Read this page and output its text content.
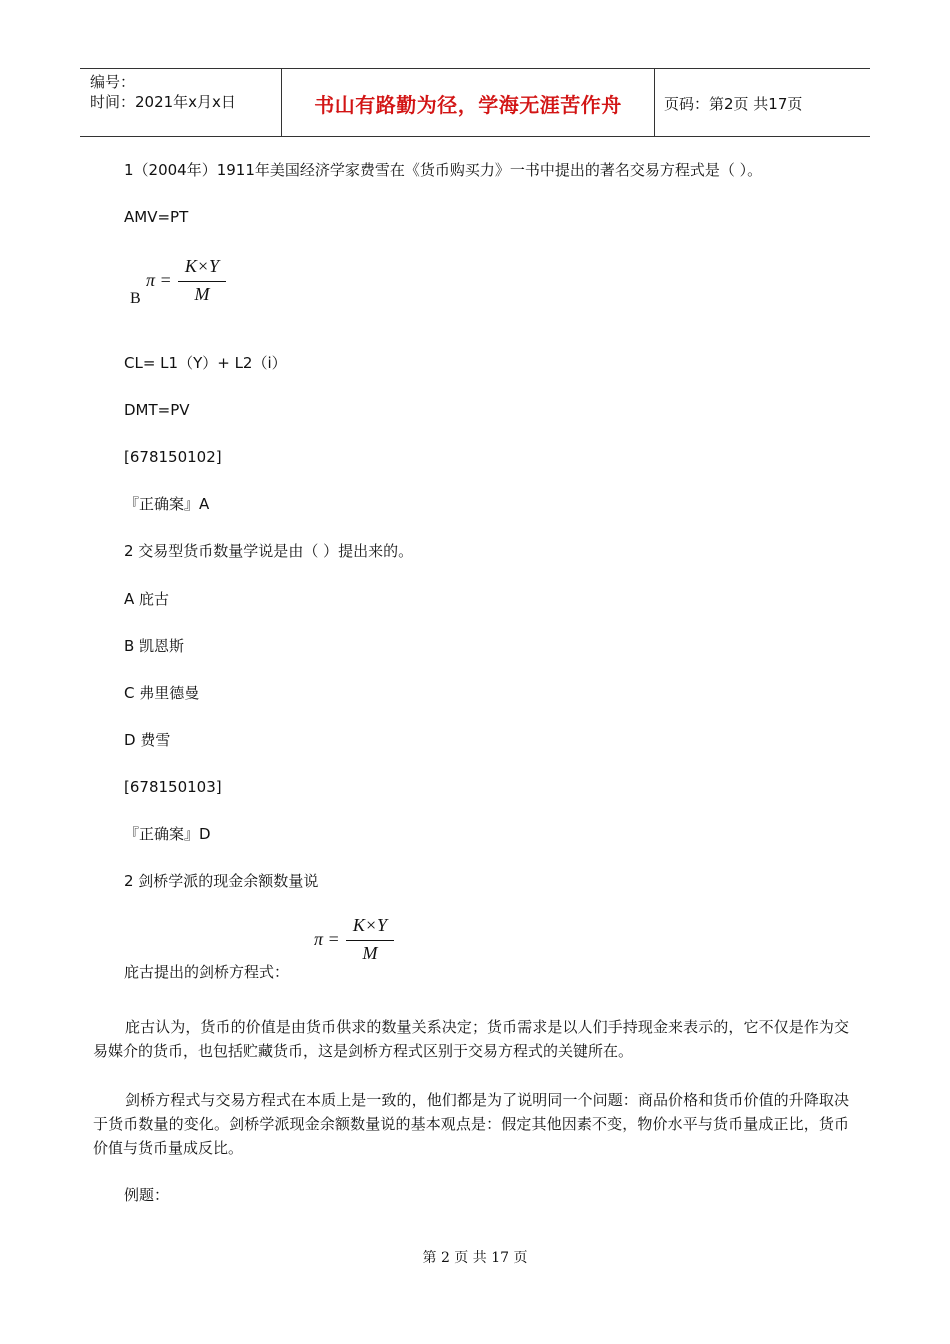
编号：
时间：2021年x月x日	书山有路勤为径，学海无涯苦作舟	页码：第2页 共17页
1（2004年）1911年美国经济学家费雪在《货币购买力》一书中提出的著名交易方程式是（ ）。
AMV=PT
B
π =
K×Y
M
CL= L1（Y）+ L2（i）
DMT=PV
[678150102]
『正确案』A
2 交易型货币数量学说是由（ ）提出来的。
A 庇古
B 凯恩斯
C 弗里德曼
D 费雪
[678150103]
『正确案』D
2 剑桥学派的现金余额数量说
π =
K×Y
M
庇古提出的剑桥方程式：
庇古认为，货币的价值是由货币供求的数量关系决定；货币需求是以人们手持现金来表示的，它不仅是作为交易媒介的货币，也包括贮藏货币，这是剑桥方程式区别于交易方程式的关键所在。
剑桥方程式与交易方程式在本质上是一致的，他们都是为了说明同一个问题：商品价格和货币价值的升降取决于货币数量的变化。剑桥学派现金余额数量说的基本观点是：假定其他因素不变，物价水平与货币量成正比，货币价值与货币量成反比。
例题：
第 2 页 共 17 页
